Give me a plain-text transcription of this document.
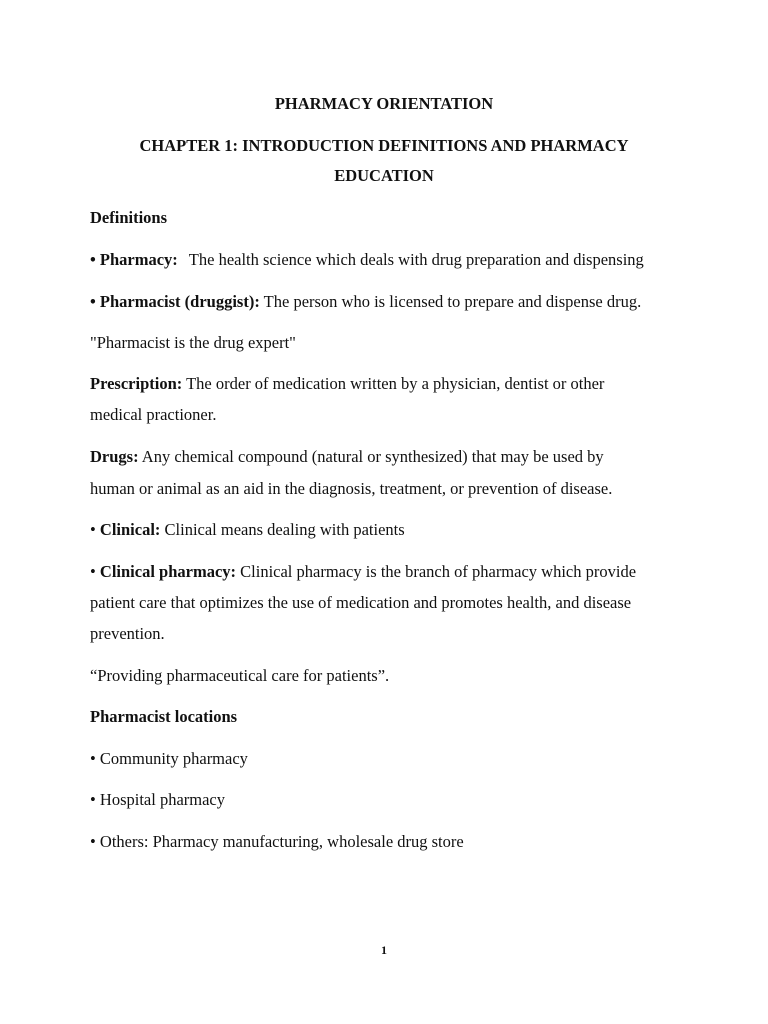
PHARMACY ORIENTATION
CHAPTER 1: INTRODUCTION DEFINITIONS AND PHARMACY
EDUCATION
Definitions
• Pharmacy: The health science which deals with drug preparation and dispensing
• Pharmacist (druggist): The person who is licensed to prepare and dispense drug.
"Pharmacist is the drug expert"
Prescription: The order of medication written by a physician, dentist or other
medical practioner.
Drugs: Any chemical compound (natural or synthesized) that may be used by
human or animal as an aid in the diagnosis, treatment, or prevention of disease.
• Clinical: Clinical means dealing with patients
• Clinical pharmacy: Clinical pharmacy is the branch of pharmacy which provide
patient care that optimizes the use of medication and promotes health, and disease
prevention.
“Providing pharmaceutical care for patients”.
Pharmacist locations
• Community pharmacy
• Hospital pharmacy
• Others: Pharmacy manufacturing, wholesale drug store
1
